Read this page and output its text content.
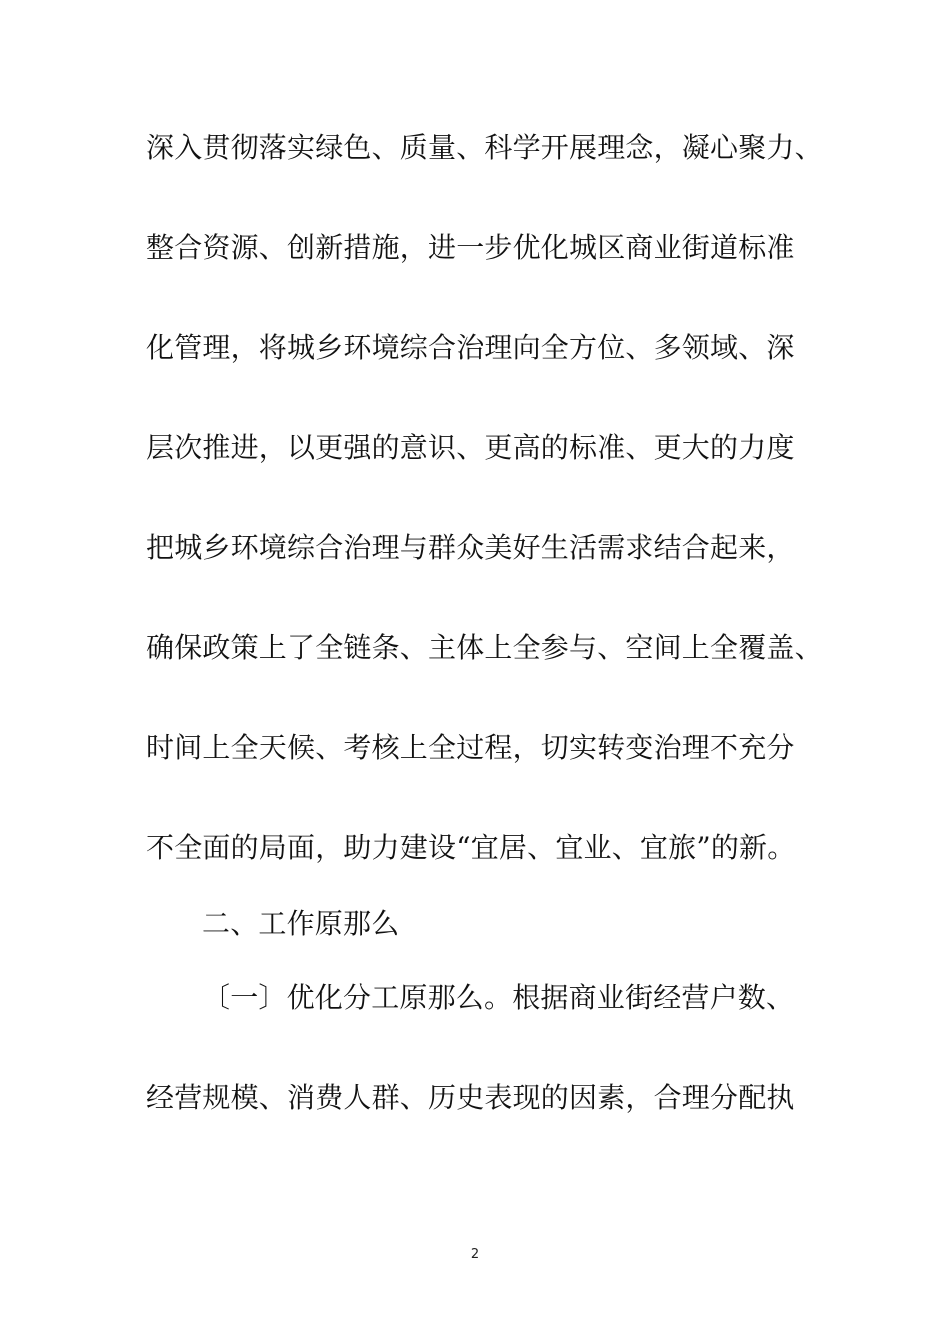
深入贯彻落实绿色、质量、科学开展理念，凝心聚力、
整合资源、创新措施，进一步优化城区商业街道标准
化管理，将城乡环境综合治理向全方位、多领域、深
层次推进，以更强的意识、更高的标准、更大的力度
把城乡环境综合治理与群众美好生活需求结合起来，
确保政策上了全链条、主体上全参与、空间上全覆盖、
时间上全天候、考核上全过程，切实转变治理不充分
不全面的局面，助力建设“宜居、宜业、宜旅”的新。
二、工作原那么
〔一〕优化分工原那么。根据商业街经营户数、
经营规模、消费人群、历史表现的因素，合理分配执
2
